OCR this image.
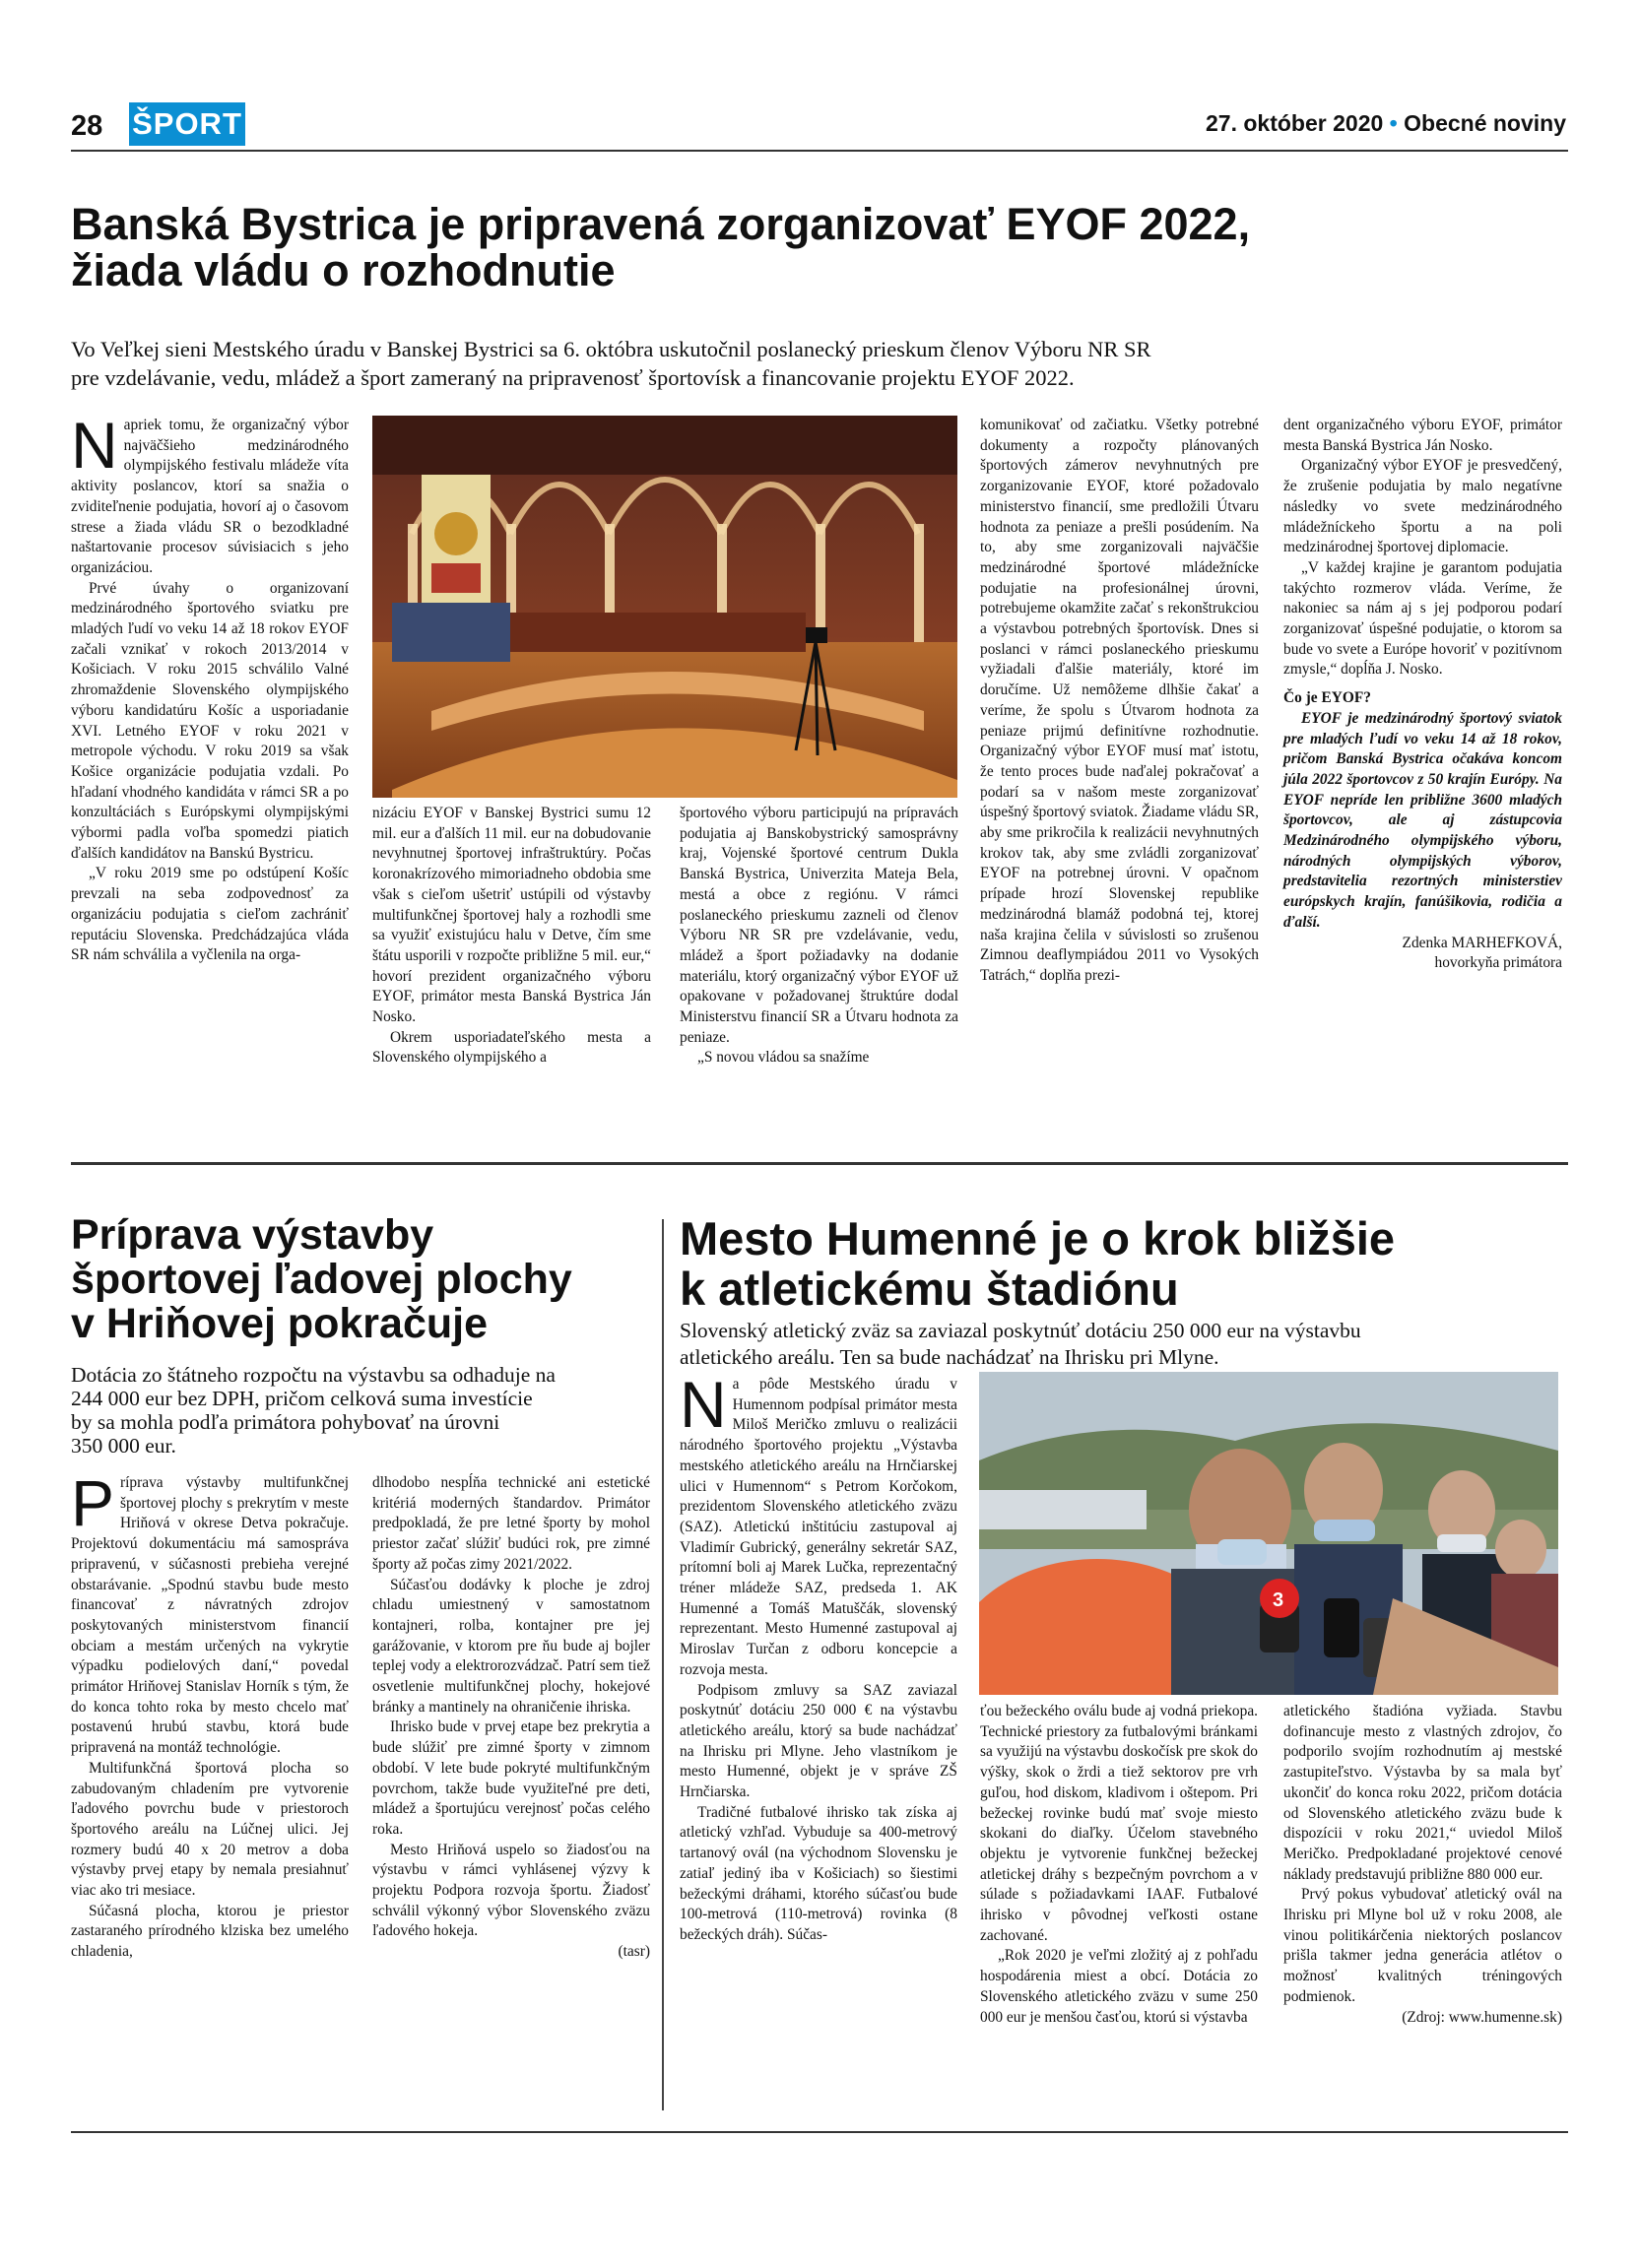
28 ŠPORT	27. október 2020 • Obecné noviny
Banská Bystrica je pripravená zorganizovať EYOF 2022,
žiada vládu o rozhodnutie
Vo Veľkej sieni Mestského úradu v Banskej Bystrici sa 6. októbra uskutočnil poslanecký prieskum členov Výboru NR SR
pre vzdelávanie, vedu, mládež a šport zameraný na pripravenosť športovísk a financovanie projektu EYOF 2022.

Napriek tomu, že organizačný výbor najväčšieho medzinárodného olympijského festivalu mládeže víta aktivity poslancov, ktorí sa snažia o zviditeľnenie podujatia, hovorí aj o časovom strese a žiada vládu SR o bezodkladné naštartovanie procesov súvisiacich s jeho organizáciou.

Prvé úvahy o organizovaní medzinárodného športového sviatku pre mladých ľudí vo veku 14 až 18 rokov EYOF začali vznikať v rokoch 2013/2014 v Košiciach. V roku 2015 schválilo Valné zhromaždenie Slovenského olympijského výboru kandidatúru Košíc a usporiadanie XVI. Letného EYOF v roku 2021 v metropole východu. V roku 2019 sa však Košice organizácie podujatia vzdali. Po hľadaní vhodného kandidáta v rámci SR a po konzultáciách s Európskymi olympijskými výbormi padla voľba spomedzi piatich ďalších kandidátov na Banskú Bystricu.

„V roku 2019 sme po odstúpení Košíc prevzali na seba zodpovednosť za organizáciu podujatia s cieľom zachrániť reputáciu Slovenska. Predchádzajúca vláda SR nám schválila a vyčlenila na orga-

nizáciu EYOF v Banskej Bystrici sumu 12 mil. eur a ďalších 11 mil. eur na dobudovanie nevyhnutnej športovej infraštruktúry. Počas koronakrízového mimoriadneho obdobia sme však s cieľom ušetriť ustúpili od výstavby multifunkčnej športovej haly a rozhodli sme sa využiť existujúcu halu v Detve, čím sme štátu usporili v rozpočte približne 5 mil. eur,“ hovorí prezident organizačného výboru EYOF, primátor mesta Banská Bystrica Ján Nosko.

Okrem usporiadateľského mesta a Slovenského olympijského a

športového výboru participujú na prípravách podujatia aj Banskobystrický samosprávny kraj, Vojenské športové centrum Dukla Banská Bystrica, Univerzita Mateja Bela, mestá a obce z regiónu. V rámci poslaneckého prieskumu zazneli od členov Výboru NR SR pre vzdelávanie, vedu, mládež a šport požiadavky na dodanie materiálu, ktorý organizačný výbor EYOF už opakovane v požadovanej štruktúre dodal Ministerstvu financií SR a Útvaru hodnota za peniaze.

„S novou vládou sa snažíme

komunikovať od začiatku. Všetky potrebné dokumenty a rozpočty plánovaných športových zámerov nevyhnutných pre zorganizovanie EYOF, ktoré požadovalo ministerstvo financií, sme predložili Útvaru hodnota za peniaze a prešli posúdením. Na to, aby sme zorganizovali najväčšie medzinárodné športové mládežnícke podujatie na profesionálnej úrovni, potrebujeme okamžite začať s rekonštrukciou a výstavbou potrebných športovísk. Dnes si poslanci v rámci poslaneckého prieskumu vyžiadali ďalšie materiály, ktoré im doručíme. Už nemôžeme dlhšie čakať a veríme, že spolu s Útvarom hodnota za peniaze prijmú definitívne rozhodnutie. Organizačný výbor EYOF musí mať istotu, že tento proces bude naďalej pokračovať a podarí sa v našom meste zorganizovať úspešný športový sviatok. Žiadame vládu SR, aby sme prikročila k realizácii nevyhnutných krokov tak, aby sme zvládli zorganizovať EYOF na potrebnej úrovni. V opačnom prípade hrozí Slovenskej republike medzinárodná blamáž podobná tej, ktorej naša krajina čelila v súvislosti so zrušenou Zimnou deaflympiádou 2011 vo Vysokých Tatrách,“ doplňa prezi-

dent organizačného výboru EYOF, primátor mesta Banská Bystrica Ján Nosko.

Organizačný výbor EYOF je presvedčený, že zrušenie podujatia by malo negatívne následky vo svete medzinárodného mládežníckeho športu a na poli medzinárodnej športovej diplomacie.

„V každej krajine je garantom podujatia takýchto rozmerov vláda. Veríme, že nakoniec sa nám aj s jej podporou podarí zorganizovať úspešné podujatie, o ktorom sa bude vo svete a Európe hovoriť v pozitívnom zmysle,“ dopĺňa J. Nosko.

Čo je EYOF?

EYOF je medzinárodný športový sviatok pre mladých ľudí vo veku 14 až 18 rokov, pričom Banská Bystrica očakáva koncom júla 2022 športovcov z 50 krajín Európy. Na EYOF nepríde len približne 3600 mladých športovcov, ale aj zástupcovia Medzinárodného olympijského výboru, národných olympijských výborov, predstavitelia rezortných ministerstiev európskych krajín, fanúšikovia, rodičia a ďalší.

Zdenka MARHEFKOVÁ,

hovorkyňa primátora

Príprava výstavby
športovej ľadovej plochy
v Hriňovej pokračuje
Dotácia zo štátneho rozpočtu na výstavbu sa odhaduje na
244 000 eur bez DPH, pričom celková suma investície
by sa mohla podľa primátora pohybovať na úrovni
350 000 eur.

Príprava výstavby multifunkčnej športovej plochy s prekrytím v meste Hriňová v okrese Detva pokračuje. Projektovú dokumentáciu má samospráva pripravenú, v súčasnosti prebieha verejné obstarávanie. „Spodnú stavbu bude mesto financovať z návratných zdrojov poskytovaných ministerstvom financií obciam a mestám určených na vykrytie výpadku podielových daní,“ povedal primátor Hriňovej Stanislav Horník s tým, že do konca tohto roka by mesto chcelo mať postavenú hrubú stavbu, ktorá bude pripravená na montáž technológie.

Multifunkčná športová plocha so zabudovaným chladením pre vytvorenie ľadového povrchu bude v priestoroch športového areálu na Lúčnej ulici. Jej rozmery budú 40 x 20 metrov a doba výstavby prvej etapy by nemala presiahnuť viac ako tri mesiace.

Súčasná plocha, ktorou je priestor zastaraného prírodného klziska bez umelého chladenia,

dlhodobo nespĺňa technické ani estetické kritériá moderných štandardov. Primátor predpokladá, že pre letné športy by mohol priestor začať slúžiť budúci rok, pre zimné športy až počas zimy 2021/2022.

Súčasťou dodávky k ploche je zdroj chladu umiestnený v samostatnom kontajneri, rolba, kontajner pre jej garážovanie, v ktorom pre ňu bude aj bojler teplej vody a elektrorozvádzač. Patrí sem tiež osvetlenie multifunkčnej plochy, hokejové bránky a mantinely na ohraničenie ihriska.

Ihrisko bude v prvej etape bez prekrytia a bude slúžiť pre zimné športy v zimnom období. V lete bude pokryté multifunkčným povrchom, takže bude využiteľné pre deti, mládež a športujúcu verejnosť počas celého roka.

Mesto Hriňová uspelo so žiadosťou na výstavbu v rámci vyhlásenej výzvy k projektu Podpora rozvoja športu. Žiadosť schválil výkonný výbor Slovenského zväzu ľadového hokeja.

(tasr)

Mesto Humenné je o krok bližšie
k atletickému štadiónu
Slovenský atletický zväz sa zaviazal poskytnúť dotáciu 250 000 eur na výstavbu
atletického areálu. Ten sa bude nachádzať na Ihrisku pri Mlyne.

Na pôde Mestského úradu v Humennom podpísal primátor mesta Miloš Meričko zmluvu o realizácii národného športového projektu „Výstavba mestského atletického areálu na Hrnčiarskej ulici v Humennom“ s Petrom Korčokom, prezidentom Slovenského atletického zväzu (SAZ). Atletickú inštitúciu zastupoval aj Vladimír Gubrický, generálny sekretár SAZ, prítomní boli aj Marek Lučka, reprezentačný tréner mládeže SAZ, predseda 1. AK Humenné a Tomáš Matuščák, slovenský reprezentant. Mesto Humenné zastupoval aj Miroslav Turčan z odboru koncepcie a rozvoja mesta.

Podpisom zmluvy sa SAZ zaviazal poskytnúť dotáciu 250 000 € na výstavbu atletického areálu, ktorý sa bude nachádzať na Ihrisku pri Mlyne. Jeho vlastníkom je mesto Humenné, objekt je v správe ZŠ Hrnčiarska.

Tradičné futbalové ihrisko tak získa aj atletický vzhľad. Vybuduje sa 400-metrový tartanový ovál (na východnom Slovensku je zatiaľ jediný iba v Košiciach) so šiestimi bežeckými dráhami, ktorého súčasťou bude 100-metrová (110-metrová) rovinka (8 bežeckých dráh). Súčas-

3

ťou bežeckého oválu bude aj vodná priekopa. Technické priestory za futbalovými bránkami sa využijú na výstavbu doskočísk pre skok do výšky, skok o žrdi a tiež sektorov pre vrh guľou, hod diskom, kladivom i oštepom. Pri bežeckej rovinke budú mať svoje miesto skokani do diaľky. Účelom stavebného objektu je vytvorenie funkčnej bežeckej atletickej dráhy s bezpečným povrchom a v súlade s požiadavkami IAAF. Futbalové ihrisko v pôvodnej veľkosti ostane zachované.

„Rok 2020 je veľmi zložitý aj z pohľadu hospodárenia miest a obcí. Dotácia zo Slovenského atletického zväzu v sume 250 000 eur je menšou časťou, ktorú si výstavba

atletického štadióna vyžiada. Stavbu dofinancuje mesto z vlastných zdrojov, čo podporilo svojím rozhodnutím aj mestské zastupiteľstvo. Výstavba by sa mala byť ukončiť do konca roku 2022, pričom dotácia od Slovenského atletického zväzu bude k dispozícii v roku 2021,“ uviedol Miloš Meričko. Predpokladané projektové cenové náklady predstavujú približne 880 000 eur.

Prvý pokus vybudovať atletický ovál na Ihrisku pri Mlyne bol už v roku 2008, ale vinou politikárčenia niektorých poslancov prišla takmer jedna generácia atlétov o možnosť kvalitných tréningových podmienok.

(Zdroj: www.humenne.sk)
